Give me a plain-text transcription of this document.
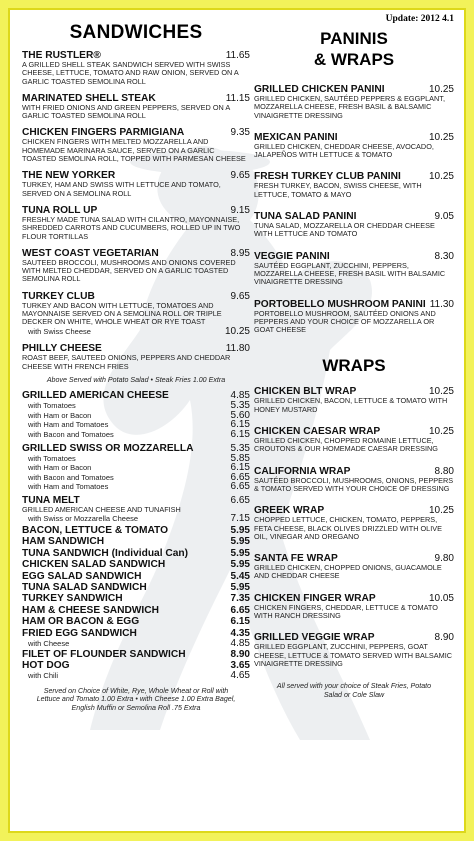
Update: 2012 4.1
SANDWICHES
THE RUSTLER®	11.65
A GRILLED SHELL STEAK SANDWICH SERVED WITH SWISS CHEESE, LETTUCE, TOMATO AND RAW ONION, SERVED ON A GARLIC TOASTED SEMOLINA ROLL
MARINATED SHELL STEAK	11.15
WITH FRIED ONIONS AND GREEN PEPPERS, SERVED ON A GARLIC TOASTED SEMOLINA ROLL
CHICKEN FINGERS PARMIGIANA	9.35
CHICKEN FINGERS WITH MELTED MOZZARELLA AND HOMEMADE MARINARA SAUCE, SERVED ON A GARLIC TOASTED SEMOLINA ROLL, TOPPED WITH PARMESAN CHEESE
THE NEW YORKER	9.65
TURKEY, HAM AND SWISS WITH LETTUCE AND TOMATO, SERVED ON A SEMOLINA ROLL
TUNA ROLL UP	9.15
FRESHLY MADE TUNA SALAD WITH CILANTRO, MAYONNAISE, SHREDDED CARROTS AND CUCUMBERS, ROLLED UP IN TWO FLOUR TORTILLAS
WEST COAST VEGETARIAN	8.95
SAUTEED BROCCOLI, MUSHROOMS AND ONIONS COVERED WITH MELTED CHEDDAR, SERVED ON A GARLIC TOASTED SEMOLINA ROLL
TURKEY CLUB	9.65
TURKEY AND BACON WITH LETTUCE, TOMATOES AND MAYONNAISE SERVED ON A SEMOLINA ROLL OR TRIPLE DECKER ON WHITE, WHOLE WHEAT OR RYE TOAST
with Swiss Cheese	10.25
PHILLY CHEESE	11.80
ROAST BEEF, SAUTEED ONIONS, PEPPERS AND CHEDDAR CHEESE WITH FRENCH FRIES
Above Served with Potato Salad • Steak Fries 1.00 Extra
GRILLED AMERICAN CHEESE	4.85
with Tomatoes	5.35
with Ham or Bacon	5.60
with Ham and Tomatoes	6.15
with Bacon and Tomatoes	6.15
GRILLED SWISS OR MOZZARELLA	5.35
with Tomatoes	5.85
with Ham or Bacon	6.15
with Bacon and Tomatoes	6.65
with Ham and Tomatoes	6.65
TUNA MELT	6.65
GRILLED AMERICAN CHEESE AND TUNAFISH
with Swiss or Mozzarella Cheese	7.15
BACON, LETTUCE & TOMATO	5.95
HAM SANDWICH	5.95
TUNA SANDWICH (Individual Can)	5.95
CHICKEN SALAD SANDWICH	5.95
EGG SALAD SANDWICH	5.45
TUNA SALAD SANDWICH	5.95
TURKEY SANDWICH	7.35
HAM & CHEESE SANDWICH	6.65
HAM OR BACON & EGG	6.15
FRIED EGG SANDWICH	4.35
with Cheese	4.85
FILET OF FLOUNDER SANDWICH	8.90
HOT DOG	3.65
with Chili	4.65
Served on Choice of White, Rye, Whole Wheat or Roll with Lettuce and Tomato 1.00 Extra • with Cheese 1.00 Extra Bagel, English Muffin or Semolina Roll .75 Extra
PANINIS
& WRAPS
GRILLED CHICKEN PANINI	10.25
GRILLED CHICKEN, SAUTÉED PEPPERS & EGGPLANT, MOZZARELLA CHEESE, FRESH BASIL & BALSAMIC VINAIGRETTE DRESSING
MEXICAN PANINI	10.25
GRILLED CHICKEN, CHEDDAR CHEESE, AVOCADO, JALAPEÑOS WITH LETTUCE & TOMATO
FRESH TURKEY CLUB PANINI	10.25
FRESH TURKEY, BACON, SWISS CHEESE, WITH LETTUCE, TOMATO & MAYO
TUNA SALAD PANINI	9.05
TUNA SALAD, MOZZARELLA OR CHEDDAR CHEESE WITH LETTUCE AND TOMATO
VEGGIE PANINI	8.30
SAUTÉED EGGPLANT, ZUCCHINI, PEPPERS, MOZZARELLA CHEESE, FRESH BASIL WITH BALSAMIC VINAIGRETTE DRESSING
PORTOBELLO MUSHROOM PANINI 11.30
PORTOBELLO MUSHROOM, SAUTÉED ONIONS AND PEPPERS AND YOUR CHOICE OF MOZZARELLA OR GOAT CHEESE
WRAPS
CHICKEN BLT WRAP	10.25
GRILLED CHICKEN, BACON, LETTUCE & TOMATO WITH HONEY MUSTARD
CHICKEN CAESAR WRAP	10.25
GRILLED CHICKEN, CHOPPED ROMAINE LETTUCE, CROUTONS & OUR HOMEMADE CAESAR DRESSING
CALIFORNIA WRAP	8.80
SAUTÉED BROCCOLI, MUSHROOMS, ONIONS, PEPPERS & TOMATO SERVED WITH YOUR CHOICE OF DRESSING
GREEK WRAP	10.25
CHOPPED LETTUCE, CHICKEN, TOMATO, PEPPERS, FETA CHEESE, BLACK OLIVES DRIZZLED WITH OLIVE OIL, VINEGAR AND OREGANO
SANTA FE WRAP	9.80
GRILLED CHICKEN, CHOPPED ONIONS, GUACAMOLE AND CHEDDAR CHEESE
CHICKEN FINGER WRAP	10.05
CHICKEN FINGERS, CHEDDAR, LETTUCE & TOMATO WITH RANCH DRESSING
GRILLED VEGGIE WRAP	8.90
GRILLED EGGPLANT, ZUCCHINI, PEPPERS, GOAT CHEESE, LETTUCE & TOMATO SERVED WITH BALSAMIC VINAIGRETTE DRESSING
All served with your choice of Steak Fries, Potato Salad or Cole Slaw
